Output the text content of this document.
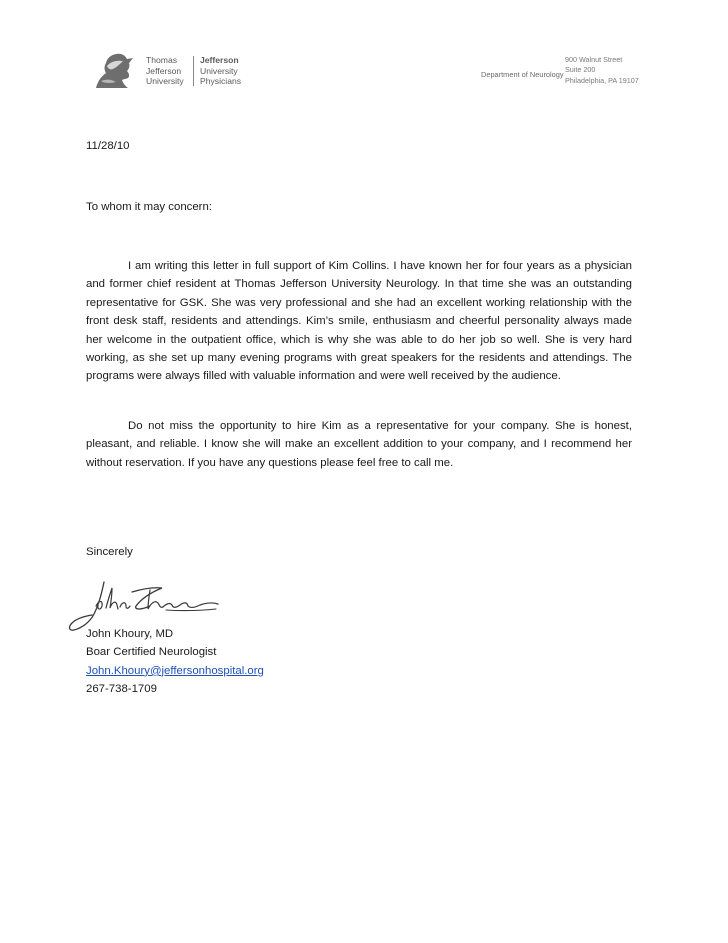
Thomas
Jefferson
University
Jefferson
University
Physicians
Department of Neurology
900 Walnut Street
Suite 200
Philadelphia, PA 19107
11/28/10
To whom it may concern:

I am writing this letter in full support of Kim Collins. I have known her for four years as a physician and former chief resident at Thomas Jefferson University Neurology. In that time she was an outstanding representative for GSK. She was very professional and she had an excellent working relationship with the front desk staff, residents and attendings. Kim’s smile, enthusiasm and cheerful personality always made her welcome in the outpatient office, which is why she was able to do her job so well. She is very hard working, as she set up many evening programs with great speakers for the residents and attendings. The programs were always filled with valuable information and were well received by the audience.

Do not miss the opportunity to hire Kim as a representative for your company. She is honest, pleasant, and reliable. I know she will make an excellent addition to your company, and I recommend her without reservation. If you have any questions please feel free to call me.

Sincerely
John Khoury, MD
Boar Certified Neurologist
John.Khoury@jeffersonhospital.org
267-738-1709
